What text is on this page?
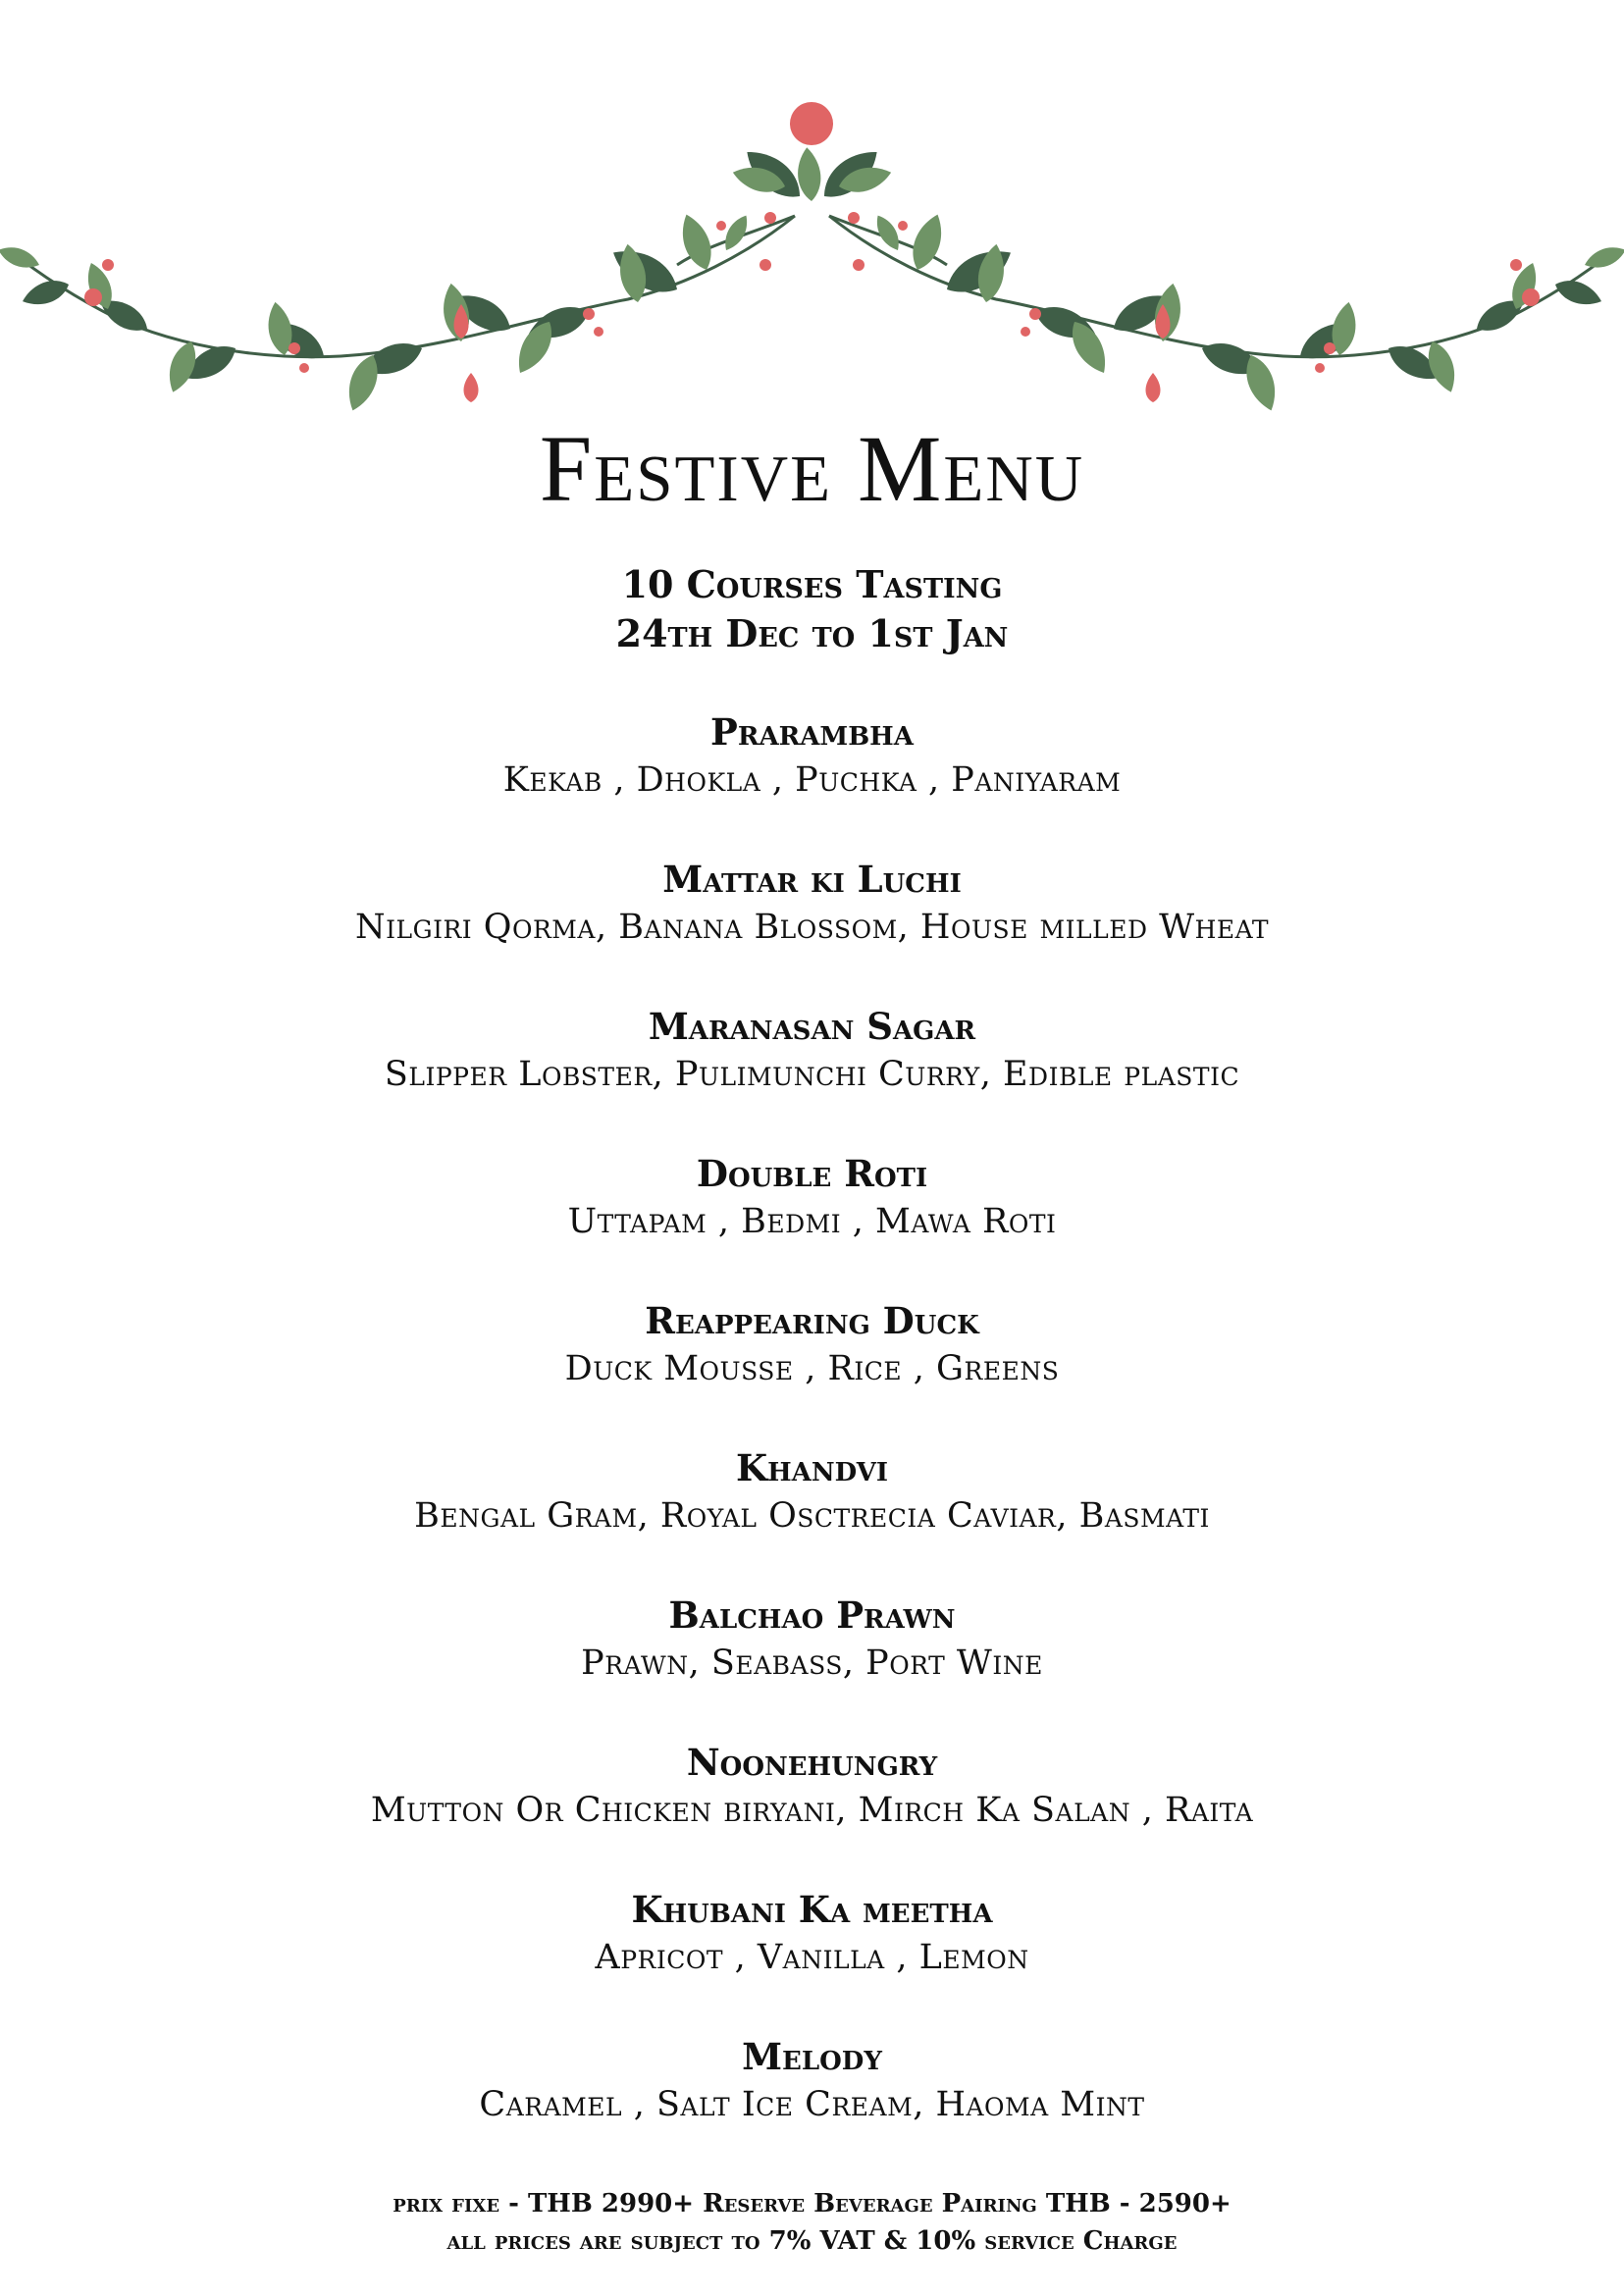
Festive Menu
10 Courses Tasting
24th Dec to 1st Jan
Prarambha
Kekab , Dhokla , Puchka , Paniyaram
Mattar ki Luchi
Nilgiri Qorma, Banana Blossom, House milled Wheat
Maranasan Sagar
Slipper Lobster, Pulimunchi Curry, Edible plastic
Double Roti
Uttapam , Bedmi , Mawa Roti
Reappearing Duck
Duck Mousse , Rice , Greens
Khandvi
Bengal Gram, Royal Osctrecia Caviar, Basmati
Balchao Prawn
Prawn, Seabass, Port Wine
Noonehungry
Mutton Or Chicken biryani, Mirch Ka Salan , Raita
Khubani Ka meetha
Apricot , Vanilla , Lemon
Melody
Caramel , Salt Ice Cream, Haoma Mint
prix fixe - THB 2990+ Reserve Beverage Pairing THB - 2590+
all prices are subject to 7% VAT & 10% service Charge
